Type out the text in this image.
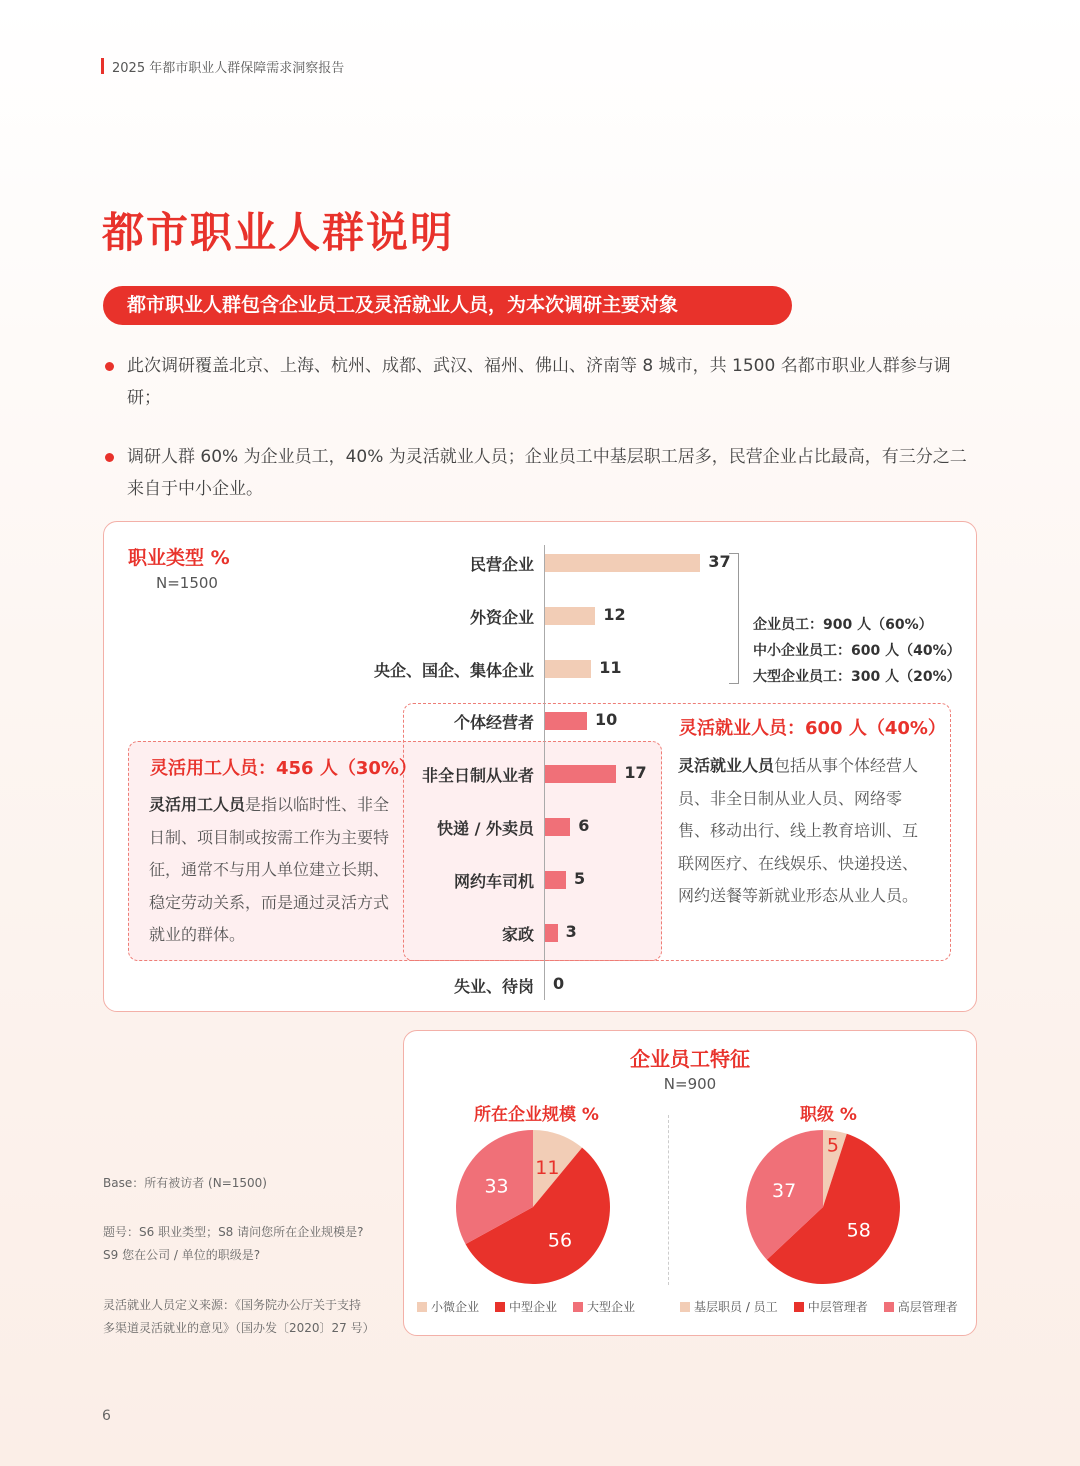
2025 年都市职业人群保障需求洞察报告
都市职业人群说明
都市职业人群包含企业员工及灵活就业人员，为本次调研主要对象
此次调研覆盖北京、上海、杭州、成都、武汉、福州、佛山、济南等 8 城市，共 1500 名都市职业人群参与调研；
调研人群 60% 为企业员工，40% 为灵活就业人员；企业员工中基层职工居多，民营企业占比最高，有三分之二来自于中小企业。
职业类型 %
N=1500
民营企业	37
外资企业	12
央企、国企、集体企业	11
个体经营者	10
非全日制从业者	17
快递 / 外卖员	6
网约车司机	5
家政 3
失业、待岗 0
企业员工：900 人（60%）
中小企业员工：600 人（40%）
大型企业员工：300 人（20%）
灵活就业人员：600 人（40%）
灵活就业人员包括从事个体经营人员、非全日制从业人员、网络零售、移动出行、线上教育培训、互联网医疗、在线娱乐、快递投送、网约送餐等新就业形态从业人员。
灵活用工人员：456 人（30%）
灵活用工人员是指以临时性、非全日制、项目制或按需工作为主要特征，通常不与用人单位建立长期、稳定劳动关系，而是通过灵活方式就业的群体。
企业员工特征
N=900
所在企业规模 %	职级 %
11
56
33
5
58
37
小微企业	中型企业	大型企业	基层职员 / 员工	中层管理者	高层管理者
Base：所有被访者 (N=1500)
题号：S6 职业类型；S8 请问您所在企业规模是?
S9 您在公司 / 单位的职级是?
灵活就业人员定义来源：《国务院办公厅关于支持
多渠道灵活就业的意见》（国办发〔2020〕27 号）
6
